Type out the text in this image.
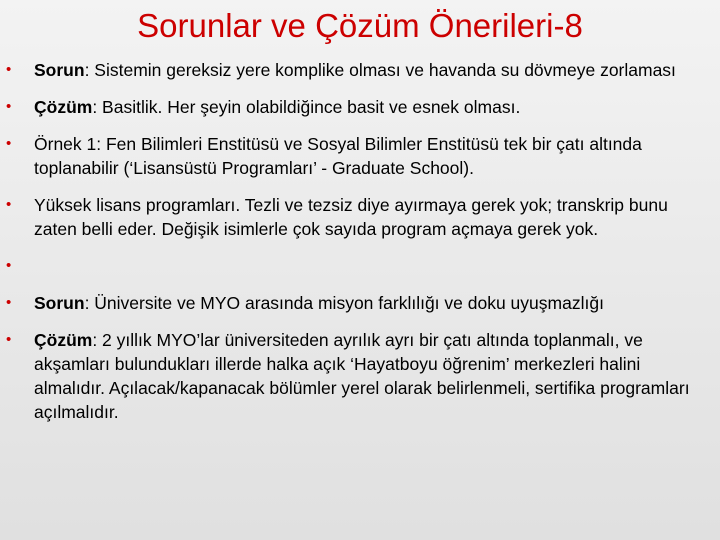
Sorunlar ve Çözüm Önerileri-8
• Sorun: Sistemin gereksiz yere komplike olması ve havanda su dövmeye zorlaması
• Çözüm: Basitlik. Her şeyin olabildiğince basit ve esnek olması.
• Örnek 1: Fen Bilimleri Enstitüsü ve Sosyal Bilimler Enstitüsü tek bir çatı altında toplanabilir (‘Lisansüstü Programları’ - Graduate School).
• Yüksek lisans programları. Tezli ve tezsiz diye ayırmaya gerek yok; transkrip bunu zaten belli eder. Değişik isimlerle çok sayıda program açmaya gerek yok.
•

• Sorun: Üniversite ve MYO arasında misyon farklılığı ve doku uyuşmazlığı
• Çözüm: 2 yıllık MYO’lar üniversiteden ayrılık ayrı bir çatı altında toplanmalı, ve akşamları bulundukları illerde halka açık ‘Hayatboyu öğrenim’ merkezleri halini almalıdır. Açılacak/kapanacak bölümler yerel olarak belirlenmeli, sertifika programları açılmalıdır.
